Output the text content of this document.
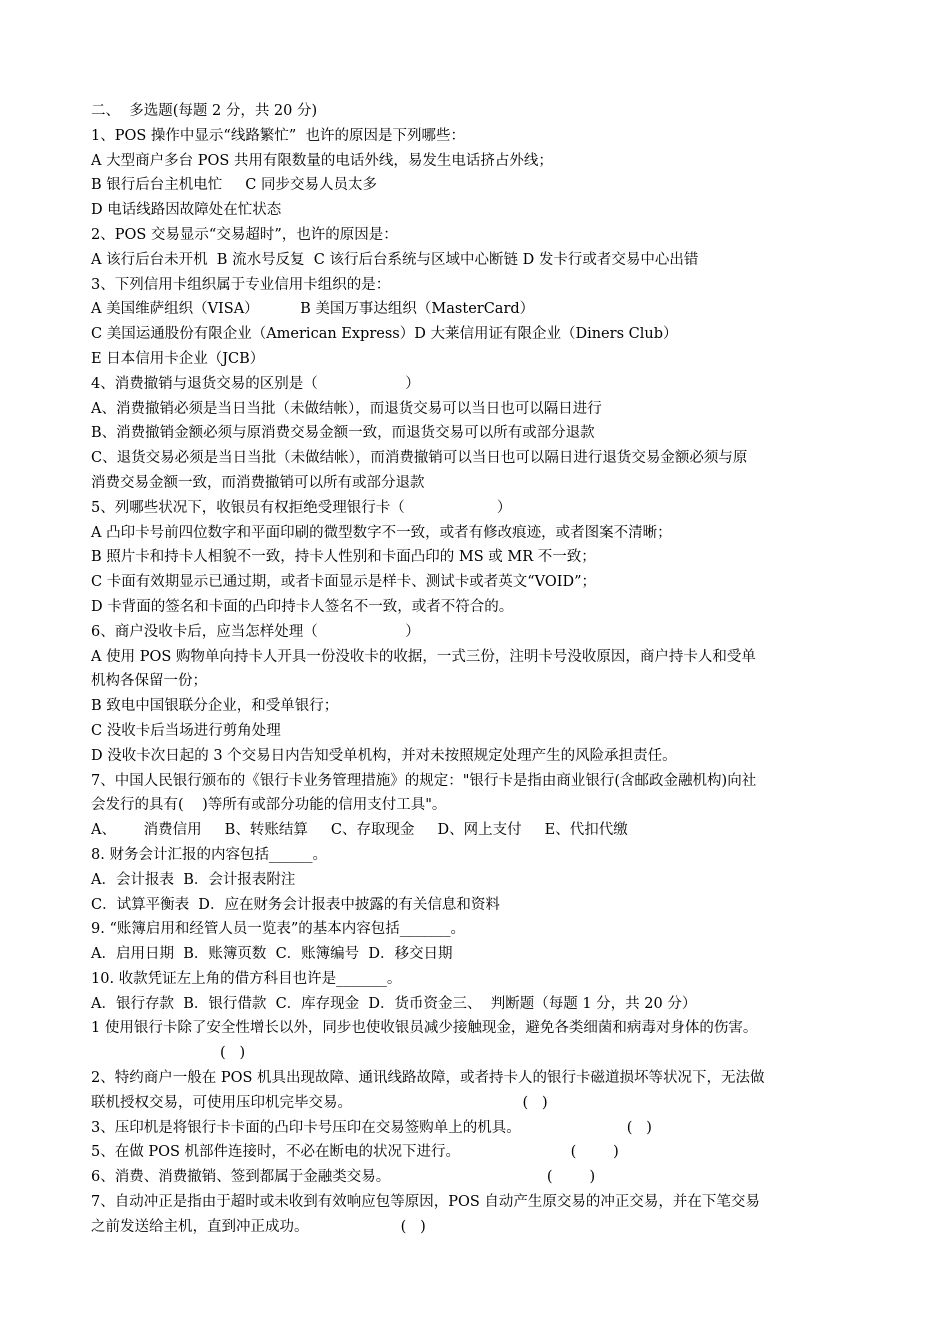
二、  多选题(每题 2 分，共 20 分)
1、POS 操作中显示“线路繁忙”  也许的原因是下列哪些：
A 大型商户多台 POS 共用有限数量的电话外线，易发生电话挤占外线；
B 银行后台主机电忙     C 同步交易人员太多
D 电话线路因故障处在忙状态
2、POS 交易显示“交易超时”，也许的原因是：
A 该行后台未开机  B 流水号反复  C 该行后台系统与区域中心断链 D 发卡行或者交易中心出错
3、下列信用卡组织属于专业信用卡组织的是：
A 美国维萨组织（VISA）         B 美国万事达组织（MasterCard）
C 美国运通股份有限企业（American Express）D 大莱信用证有限企业（Diners Club）
E 日本信用卡企业（JCB）
4、消费撤销与退货交易的区别是（                   ）
A、消费撤销必须是当日当批（未做结帐），而退货交易可以当日也可以隔日进行
B、消费撤销金额必须与原消费交易金额一致，而退货交易可以所有或部分退款
C、退货交易必须是当日当批（未做结帐），而消费撤销可以当日也可以隔日进行退货交易金额必须与原
消费交易金额一致，而消费撤销可以所有或部分退款
5、列哪些状况下，收银员有权拒绝受理银行卡（                    ）
A 凸印卡号前四位数字和平面印刷的微型数字不一致，或者有修改痕迹，或者图案不清晰；
B 照片卡和持卡人相貌不一致，持卡人性别和卡面凸印的 MS 或 MR 不一致；
C 卡面有效期显示已通过期，或者卡面显示是样卡、测试卡或者英文“VOID”；
D 卡背面的签名和卡面的凸印持卡人签名不一致，或者不符合的。
6、商户没收卡后，应当怎样处理（                   ）
A 使用 POS 购物单向持卡人开具一份没收卡的收据，一式三份，注明卡号没收原因，商户持卡人和受单
机构各保留一份；
B 致电中国银联分企业，和受单银行；
C 没收卡后当场进行剪角处理
D 没收卡次日起的 3 个交易日内告知受单机构，并对未按照规定处理产生的风险承担责任。
7、中国人民银行颁布的《银行卡业务管理措施》的规定："银行卡是指由商业银行(含邮政金融机构)向社
会发行的具有(    )等所有或部分功能的信用支付工具"。
A、      消费信用     B、转账结算     C、存取现金     D、网上支付     E、代扣代缴
8. 财务会计汇报的内容包括______。
A．会计报表  B．会计报表附注
C．试算平衡表  D．应在财务会计报表中披露的有关信息和资料
9. “账簿启用和经管人员一览表”的基本内容包括_______。
A．启用日期  B．账簿页数  C．账簿编号  D．移交日期
10. 收款凭证左上角的借方科目也许是_______。
A．银行存款  B．银行借款  C．库存现金  D．货币资金三、  判断题（每题 1 分，共 20 分）
1 使用银行卡除了安全性增长以外，同步也使收银员减少接触现金，避免各类细菌和病毒对身体的伤害。
(   )
2、特约商户一般在 POS 机具出现故障、通讯线路故障，或者持卡人的银行卡磁道损坏等状况下，无法做
联机授权交易，可使用压印机完毕交易。                                     (   )
3、压印机是将银行卡卡面的凸印卡号压印在交易签购单上的机具。                       (   )
5、在做 POS 机部件连接时，不必在断电的状况下进行。                        (        )
6、消费、消费撤销、签到都属于金融类交易。                                  (        )
7、自动冲正是指由于超时或未收到有效响应包等原因，POS 自动产生原交易的冲正交易，并在下笔交易
之前发送给主机，直到冲正成功。                    (   )
